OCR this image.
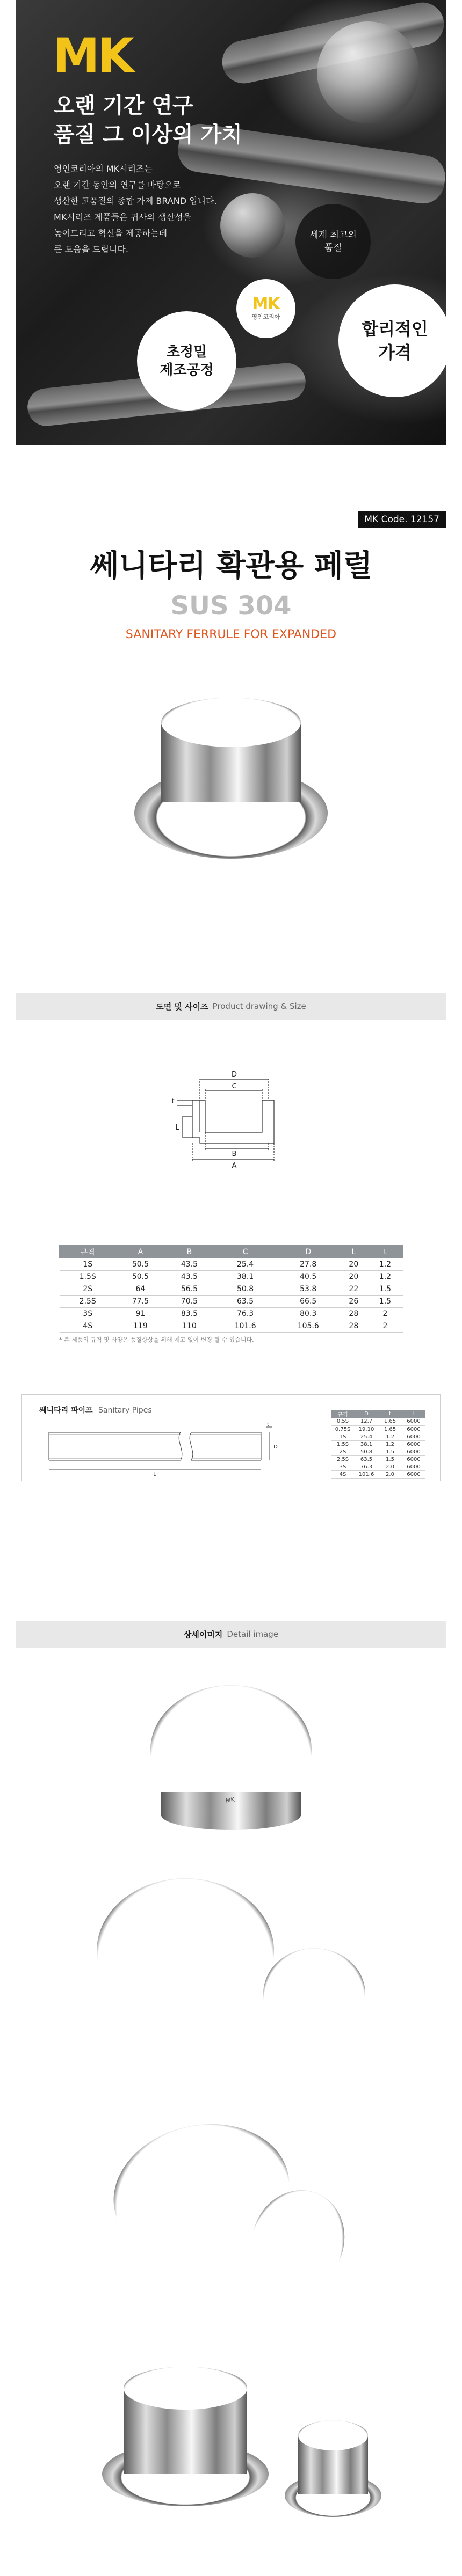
MK
오랜 기간 연구
품질 그 이상의 가치
영인코리아의 MK시리즈는
오랜 기간 동안의 연구를 바탕으로
생산한 고품질의 종합 가제 BRAND 입니다.
MK시리즈 제품들은 귀사의 생산성을
높여드리고 혁신을 제공하는데
큰 도움을 드립니다.
세계 최고의
품질
MK
영인코리아
초정밀
제조공정
합리적인
가격
MK Code. 12157
쎄니타리 확관용 페럴
SUS 304
SANITARY FERRULE FOR EXPANDED
도면 및 사이즈 Product drawing & Size
D
C
t
L
B
A
규격	A	B	C	D	L	t
1S	50.5	43.5	25.4	27.8	20	1.2
1.5S	50.5	43.5	38.1	40.5	20	1.2
2S	64	56.5	50.8	53.8	22	1.5
2.5S	77.5	70.5	63.5	66.5	26	1.5
3S	91	83.5	76.3	80.3	28	2
4S	119	110	101.6	105.6	28	2
* 본 제품의 규격 및 사양은 품질향상을 위해 예고 없이 변경 될 수 있습니다.
쎄니타리 파이프 Sanitary Pipes
t
D
L
규격	D	t	L
0.5S	12.7	1.65	6000
0.75S	19.10	1.65	6000
1S	25.4	1.2	6000
1.5S	38.1	1.2	6000
2S	50.8	1.5	6000
2.5S	63.5	1.5	6000
3S	76.3	2.0	6000
4S	101.6	2.0	6000
상세이미지 Detail image
MK
